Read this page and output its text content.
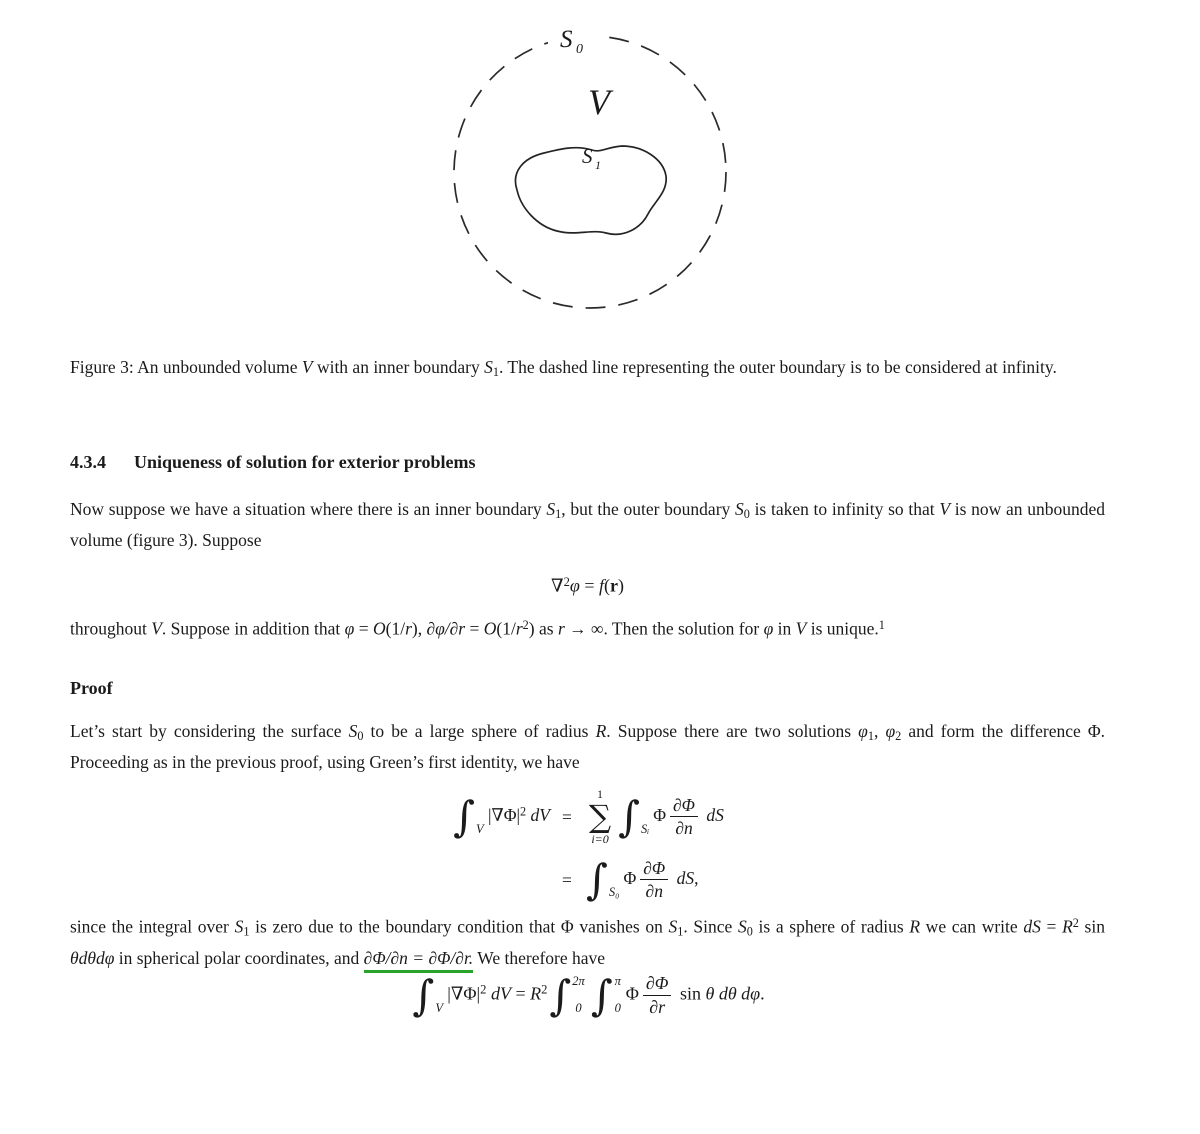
S 0
V
S 1

Figure 3: An unbounded volume V with an inner boundary S1. The dashed line representing the outer boundary is to be considered at infinity.

4.3.4 Uniqueness of solution for exterior problems

Now suppose we have a situation where there is an inner boundary S1, but the outer boundary S0 is taken to infinity so that V is now an unbounded volume (figure 3). Suppose

∇$^2$φ = f(r)

throughout V. Suppose in addition that φ = O(1/r), $\partial\varphi/\partial r = O(1/r^2)$ as r → ∞. Then the solution for φ in V is unique.$^1$

Proof

Let’s start by considering the surface S0 to be a large sphere of radius R. Suppose there are two solutions φ1, φ2 and form the difference Φ. Proceeding as in the previous proof, using Green’s first identity, we have

∫ V
$|\nabla\Phi|^2$ dV =
1
∑
i=0 ∫ Sᵢ
Φ $\frac{\partial\Phi}{\partial n}$ dS
= ∫ S₀
Φ $\frac{\partial\Phi}{\partial n}$ dS,

since the integral over S1 is zero due to the boundary condition that Φ vanishes on S1. Since S0 is a sphere of radius R we can write dS = $R^2$ sin θdθdφ in spherical polar coordinates, and ∂Φ/∂n = ∂Φ/∂r. We therefore have

∫ V
$|\nabla\Phi|^2$ dV = $R^2$ ∫ 2π
0 ∫ π
0
Φ $\frac{\partial\Phi}{\partial r}$ sin θ dθ dφ.
